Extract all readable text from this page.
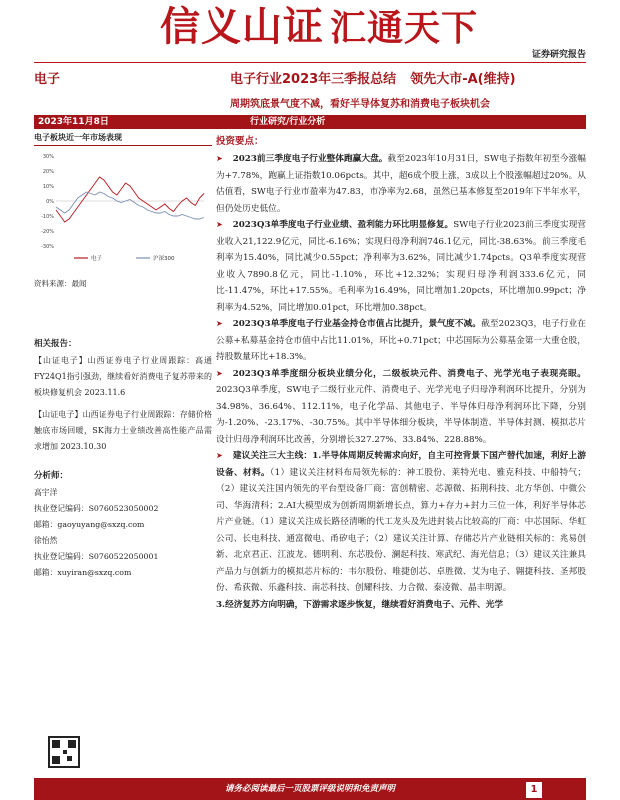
信义山证 汇通天下
证券研究报告
电子	电子行业2023年三季报总结 领先大市-A(维持)
周期筑底景气度不减，看好半导体复苏和消费电子板块机会
2023年11月8日	行业研究/行业分析
电子板块近一年市场表现
30%
20%
10%
0%
-10%
-20%
-30%
电子	沪深300
资料来源：最闻
相关报告：
【山证电子】山西证券电子行业周跟踪：高通FY24Q1指引强劲，继续看好消费电子复苏带来的板块修复机会 2023.11.6
【山证电子】山西证券电子行业周跟踪：存储价格触底市场回暖，SK海力士业绩改善高性能产品需求增加 2023.10.30
分析师：
高宇洋
执业登记编码：S0760523050002
邮箱：gaoyuyang@sxzq.com
徐怡然
执业登记编码：S0760522050001
邮箱：xuyiran@sxzq.com
投资要点：
➤ 2023前三季度电子行业整体跑赢大盘。截至2023年10月31日，SW电子指数年初至今涨幅为+7.78%，跑赢上证指数10.06pcts。其中，超6成个股上涨，3成以上个股涨幅超过20%。从估值看，SW电子行业市盈率为47.83，市净率为2.68，虽然已基本修复至2019年下半年水平，但仍处历史低位。
➤ 2023Q3单季度电子行业业绩、盈利能力环比明显修复。SW电子行业2023前三季度实现营业收入21,122.9亿元，同比-6.16%；实现归母净利润746.1亿元，同比-38.63%。前三季度毛利率为15.40%，同比减少0.55pct；净利率为3.62%，同比减少1.74pcts。Q3单季度实现营业收入7890.8亿元，同比-1.10%，环比+12.32%；实现归母净利润333.6亿元，同比-11.47%，环比+17.55%。毛利率为16.49%，同比增加1.20pcts，环比增加0.99pct；净利率为4.52%，同比增加0.01pct，环比增加0.38pct。
➤ 2023Q3单季度电子行业基金持仓市值占比提升，景气度不减。截至2023Q3，电子行业在公募+私募基金持仓市值中占比11.01%，环比+0.71pct；中芯国际为公募基金第一大重仓股，持股数量环比+18.3%。
➤ 2023Q3单季度细分板块业绩分化，二级板块元件、消费电子、光学光电子表现亮眼。2023Q3单季度，SW电子二级行业元件、消费电子、光学光电子归母净利润环比提升，分别为34.98%、36.64%、112.11%，电子化学品、其他电子、半导体归母净利润环比下降，分别为-1.20%、-23.17%、-30.75%。其中半导体细分板块，半导体制造、半导体封测、模拟芯片设计归母净利润环比改善，分别增长327.27%、33.84%、228.88%。
➤ 建议关注三大主线：1.半导体周期反转需求向好，自主可控背景下国产替代加速，利好上游设备、材料。（1）建议关注材料布局领先标的：神工股份、莱特光电、雅克科技、中船特气；（2）建议关注国内领先的平台型设备厂商：富创精密、芯源微、拓荆科技、北方华创、中微公司、华海清科；2.AI大模型成为创新周期新增长点，算力+存力+封力三位一体，利好半导体芯片产业链。（1）建议关注成长路径清晰的代工龙头及先进封装占比较高的厂商：中芯国际、华虹公司、长电科技、通富微电、甬矽电子；（2）建议关注计算、存储芯片产业链相关标的：兆易创新、北京君正、江波龙、德明利、东芯股份、澜起科技、寒武纪、海光信息；（3）建议关注兼具产品力与创新力的模拟芯片标的：韦尔股份、唯捷创芯、卓胜微、艾为电子、翱捷科技、圣邦股份、希荻微、乐鑫科技、南芯科技、创耀科技、力合微、泰凌微、晶丰明源。
3.经济复苏方向明确，下游需求逐步恢复，继续看好消费电子、元件、光学
请务必阅读最后一页股票评级说明和免责声明	1
